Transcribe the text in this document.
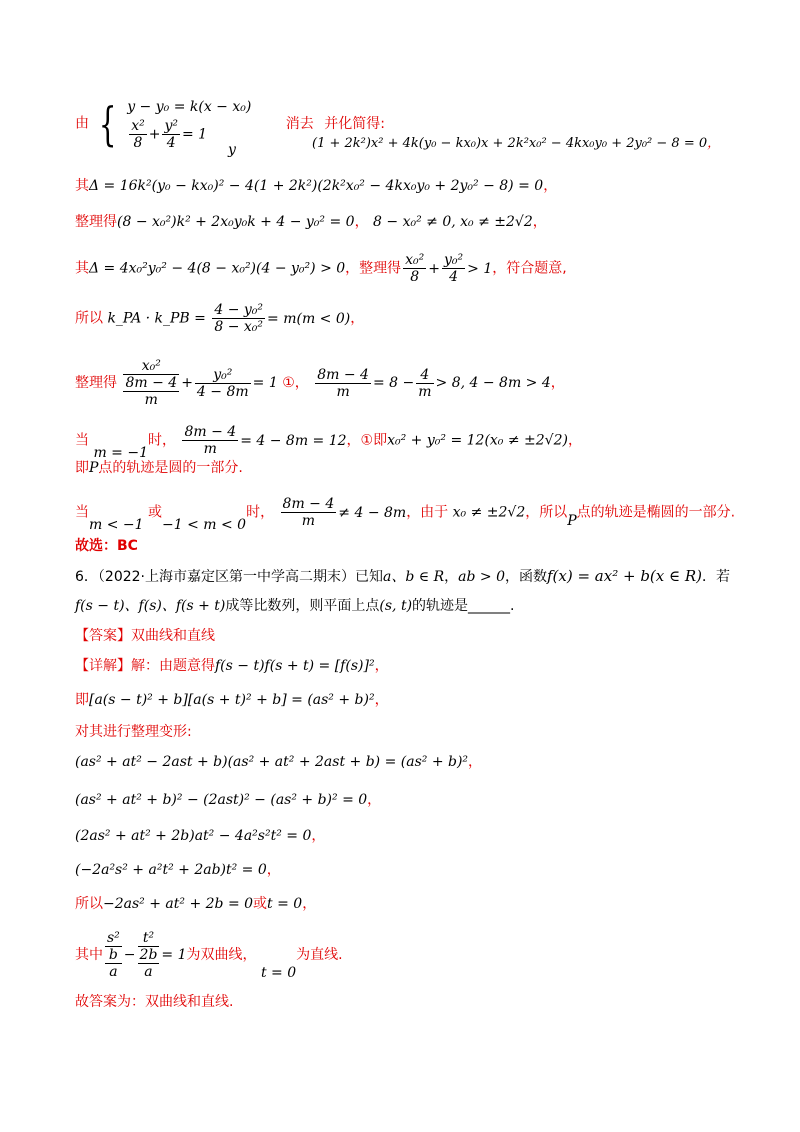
由 { y − y₀ = k(x − x₀)
$\frac{\text{x²}}{8} + \frac{\text{y²}}{4} = 1$
消去 并化简得:
y	(1 + 2k²)x² + 4k(y₀ − kx₀)x + 2k²x₀² − 4kx₀y₀ + 2y₀² − 8 = 0，
其Δ = 16k²(y₀ − kx₀)² − 4(1 + 2k²)(2k²x₀² − 4kx₀y₀ + 2y₀² − 8) = 0，
整理得(8 − x₀²)k² + 2x₀y₀k + 4 − y₀² = 0， 8 − x₀² ≠ 0, x₀ ≠ ±2√2，
其Δ = 4x₀²y₀² − 4(8 − x₀²)(4 − y₀²) > 0，整理得 $\frac{\text{x₀²}}{8} + \frac{\text{y₀²}}{4} > 1$，符合题意,
所以 k_PA · k_PB = $\frac{\text{4 − y₀²}}{\text{8 − x₀²}} = m(m < 0)$，
整理得
x₀²
8m − 4
m
+ $\frac{\text{y₀²}}{4 - 8m} = 1$ ①， $\frac{8m - 4}{m} = 8 - \frac{4}{m} > 8$, 4 − 8m > 4，
当 m = −1时， $\frac{8m - 4}{m} = 4 - 8m = 12$，①即x₀² + y₀² = 12(x₀ ≠ ±2√2)，
即P点的轨迹是圆的一部分.
当m < −1 或−1 < m < 0时， $\frac{8m - 4}{m} \ne 4 - 8m$，由于 x₀ ≠ ±2√2，所以P点的轨迹是椭圆的一部分.
故选：BC
6．（2022·上海市嘉定区第一中学高二期末）已知a、b ∈ R，ab > 0，函数f(x) = ax² + b(x ∈ R)．若
f(s − t)、f(s)、f(s + t)成等比数列，则平面上点(s, t)的轨迹是______.
【答案】双曲线和直线
【详解】解：由题意得f(s − t)f(s + t) = [f(s)]²，
即[a(s − t)² + b][a(s + t)² + b] = (as² + b)²，
对其进行整理变形:
(as² + at² − 2ast + b)(as² + at² + 2ast + b) = (as² + b)²，
(as² + at² + b)² − (2ast)² − (as² + b)² = 0，
(2as² + at² + 2b)at² − 4a²s²t² = 0，
(−2a²s² + a²t² + 2ab)t² = 0，
所以−2as² + at² + 2b = 0或t = 0，
其中
s²
b
a
−
t²
2b
a
= 1为双曲线， t = 0为直线.
故答案为：双曲线和直线.
